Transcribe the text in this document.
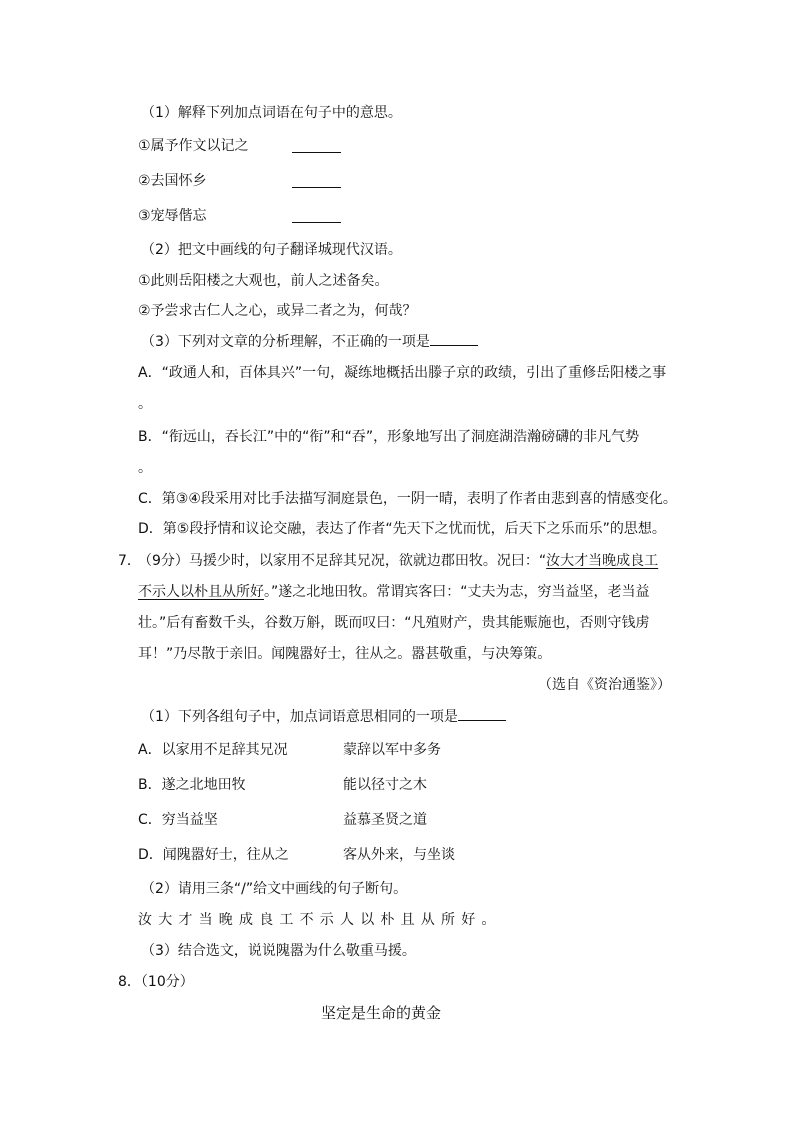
（1）解释下列加点词语在句子中的意思。
①属予作文以记之
②去国怀乡
③宠辱偕忘
（2）把文中画线的句子翻译城现代汉语。
①此则岳阳楼之大观也，前人之述备矣。
②予尝求古仁人之心，或异二者之为，何哉？
（3）下列对文章的分析理解，不正确的一项是
A．“政通人和，百体具兴”一句，凝练地概括出滕子京的政绩，引出了重修岳阳楼之事
。
B．“衔远山，吞长江”中的“衔”和“吞”，形象地写出了洞庭湖浩瀚磅礴的非凡气势
。
C．第③④段采用对比手法描写洞庭景色，一阴一晴，表明了作者由悲到喜的情感变化。
D．第⑤段抒情和议论交融，表达了作者“先天下之忧而忧，后天下之乐而乐”的思想。
7．
（9分）马援少时，以家用不足辞其兄况，欲就边郡田牧。况曰：“汝大才当晚成良工
不示人以朴且从所好。”遂之北地田牧。常谓宾客曰：“丈夫为志，穷当益坚，老当益
壮。”后有畜数千头，谷数万斛，既而叹曰：“凡殖财产，贵其能赈施也，否则守钱虏
耳！”乃尽散于亲旧。闻隗嚣好士，往从之。嚣甚敬重，与决筹策。
（选自《资治通鉴》）
（1）下列各组句子中，加点词语意思相同的一项是
A．以家用不足辞其兄况	蒙辞以军中多务
B．遂之北地田牧	能以径寸之木
C．穷当益坚	益慕圣贤之道
D．闻隗嚣好士，往从之	客从外来，与坐谈
（2）请用三条“/”给文中画线的句子断句。
汝大才当晚成良工不示人以朴且从所好。
（3）结合选文，说说隗嚣为什么敬重马援。
8．（10分）
坚定是生命的黄金
